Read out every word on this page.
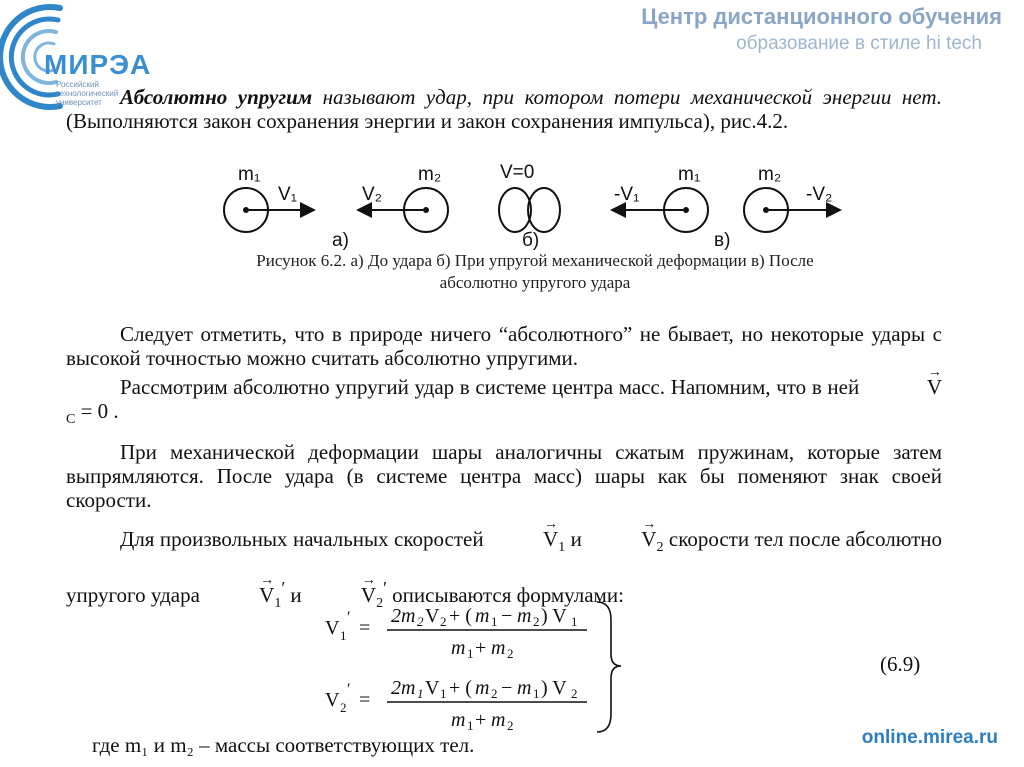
МИРЭА
Российский технологический университет
Центр дистанционного обучения
образование в стиле hi tech
Абсолютно упругим называют удар, при котором потери механической энергии нет. (Выполняются закон сохранения энергии и закон сохранения импульса), рис.4.2.
m₁
V₁	V₂
m₂
а)
V=0
б)
m₁
-V₁	-V₂
m₂
в)
Рисунок 6.2. а) До удара б) При упругой механической деформации в) После
абсолютно упругого удара
Следует отметить, что в природе ничего “абсолютного” не бывает, но некоторые удары с высокой точностью можно считать абсолютно упругими.
Рассмотрим абсолютно упругий удар в системе центра масс. Напомним, что в ней	→ $V_C = 0$ .
При механической деформации шары аналогичны сжатым пружинам, которые затем выпрямляются. После удара (в системе центра масс) шары как бы поменяют знак своей скорости.
Для произвольных начальных скоростей	→ $V_1$ и	→ $V_2$ скорости тел после абсолютно упругого удара	→ $V_1'$ и	→ $V_2'$ описываются формулами:
V 1
′ =
2m 2 V 2 + ( m 1 − m 2 ) V 1
m 1 + m 2
V 2
′ =
2m 1 V 1 + ( m 2 − m 1 ) V 2
m 1 + m 2
(6.9)
где m₁ и m₂ – массы соответствующих тел.	online.mirea.ru
